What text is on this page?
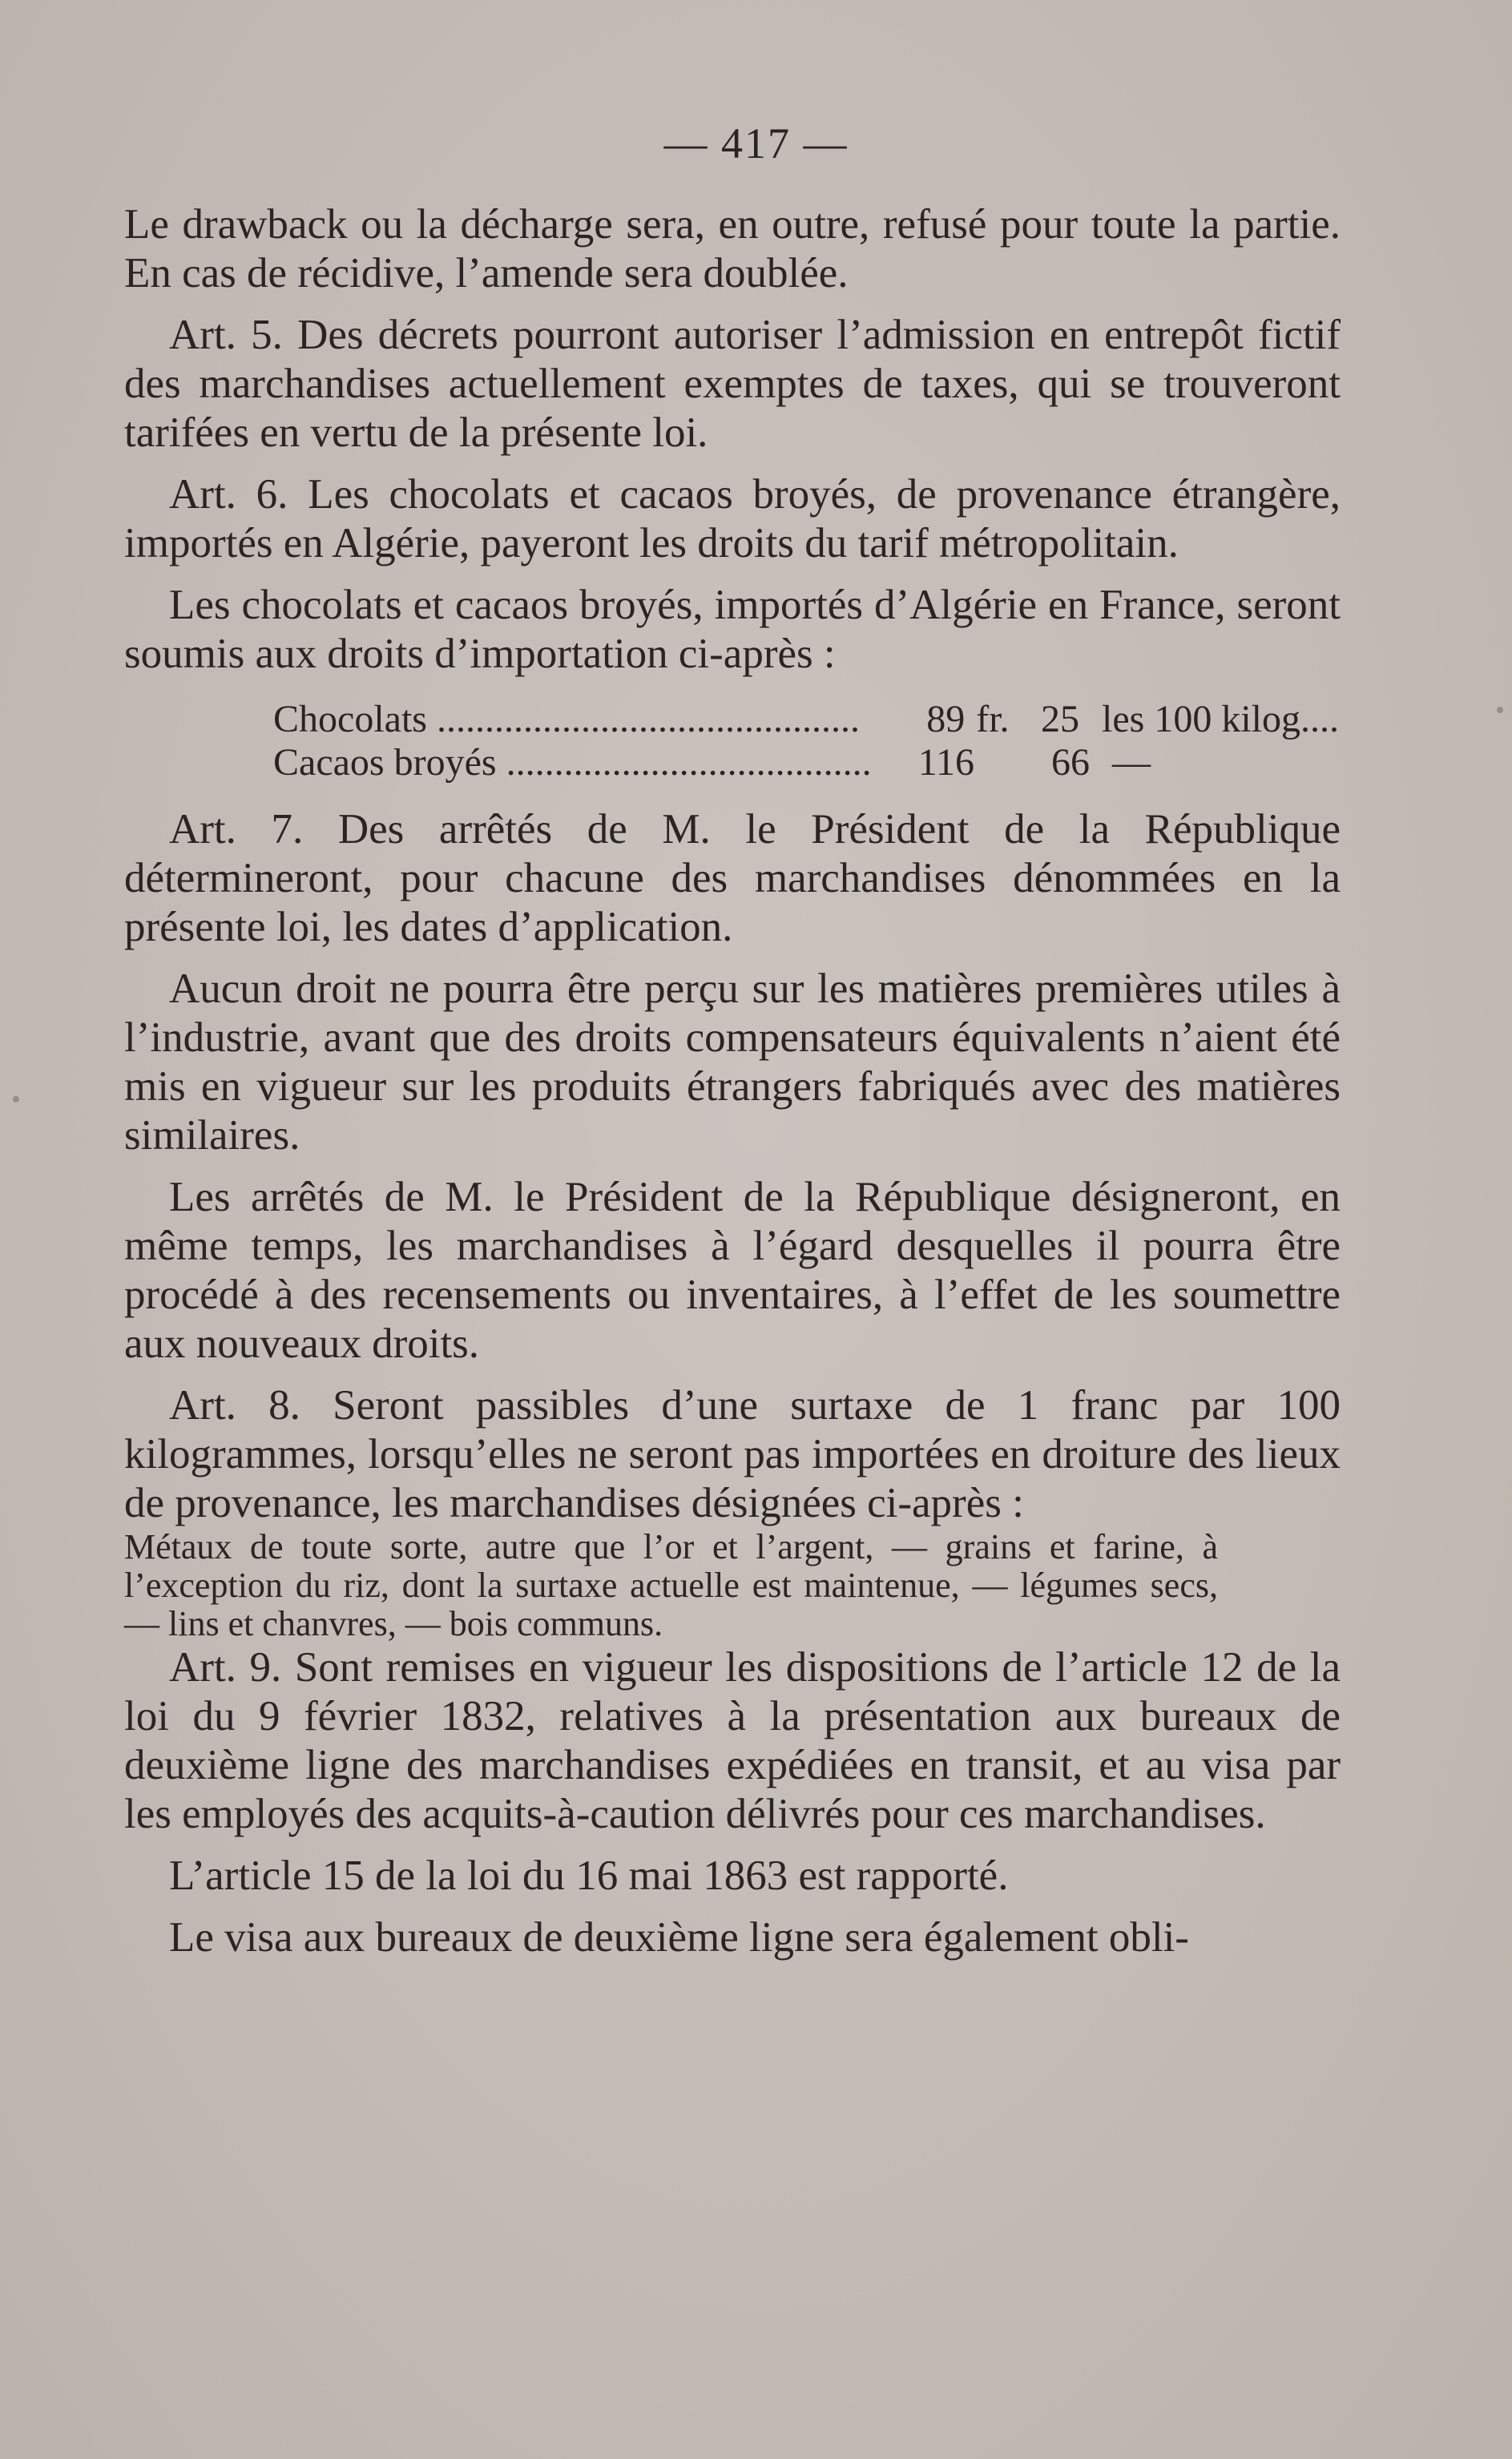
— 417 —

Le drawback ou la décharge sera, en outre, refusé pour toute la partie. En cas de récidive, l’amende sera doublée.

Art. 5. Des décrets pourront autoriser l’admission en entrepôt fictif des marchandises actuellement exemptes de taxes, qui se trouveront tarifées en vertu de la présente loi.

Art. 6. Les chocolats et cacaos broyés, de provenance étrangère, importés en Algérie, payeront les droits du tarif métropolitain.

Les chocolats et cacaos broyés, importés d’Algérie en France, seront soumis aux droits d’importation ci-après :

Chocolats .....	89 fr. 25 les 100 kilog....
Cacaos broyés .....	116	66 —

Art. 7. Des arrêtés de M. le Président de la République détermineront, pour chacune des marchandises dénommées en la présente loi, les dates d’application.

Aucun droit ne pourra être perçu sur les matières premières utiles à l’industrie, avant que des droits compensateurs équivalents n’aient été mis en vigueur sur les produits étrangers fabriqués avec des matières similaires.

Les arrêtés de M. le Président de la République désigneront, en même temps, les marchandises à l’égard desquelles il pourra être procédé à des recensements ou inventaires, à l’effet de les soumettre aux nouveaux droits.

Art. 8. Seront passibles d’une surtaxe de 1 franc par 100 kilogrammes, lorsqu’elles ne seront pas importées en droiture des lieux de provenance, les marchandises désignées ci-après :

Métaux de toute sorte, autre que l’or et l’argent, — grains et farine, à l’exception du riz, dont la surtaxe actuelle est maintenue, — légumes secs, — lins et chanvres, — bois communs.

Art. 9. Sont remises en vigueur les dispositions de l’article 12 de la loi du 9 février 1832, relatives à la présentation aux bureaux de deuxième ligne des marchandises expédiées en transit, et au visa par les employés des acquits-à-caution délivrés pour ces marchandises.

L’article 15 de la loi du 16 mai 1863 est rapporté.

Le visa aux bureaux de deuxième ligne sera également obli-
